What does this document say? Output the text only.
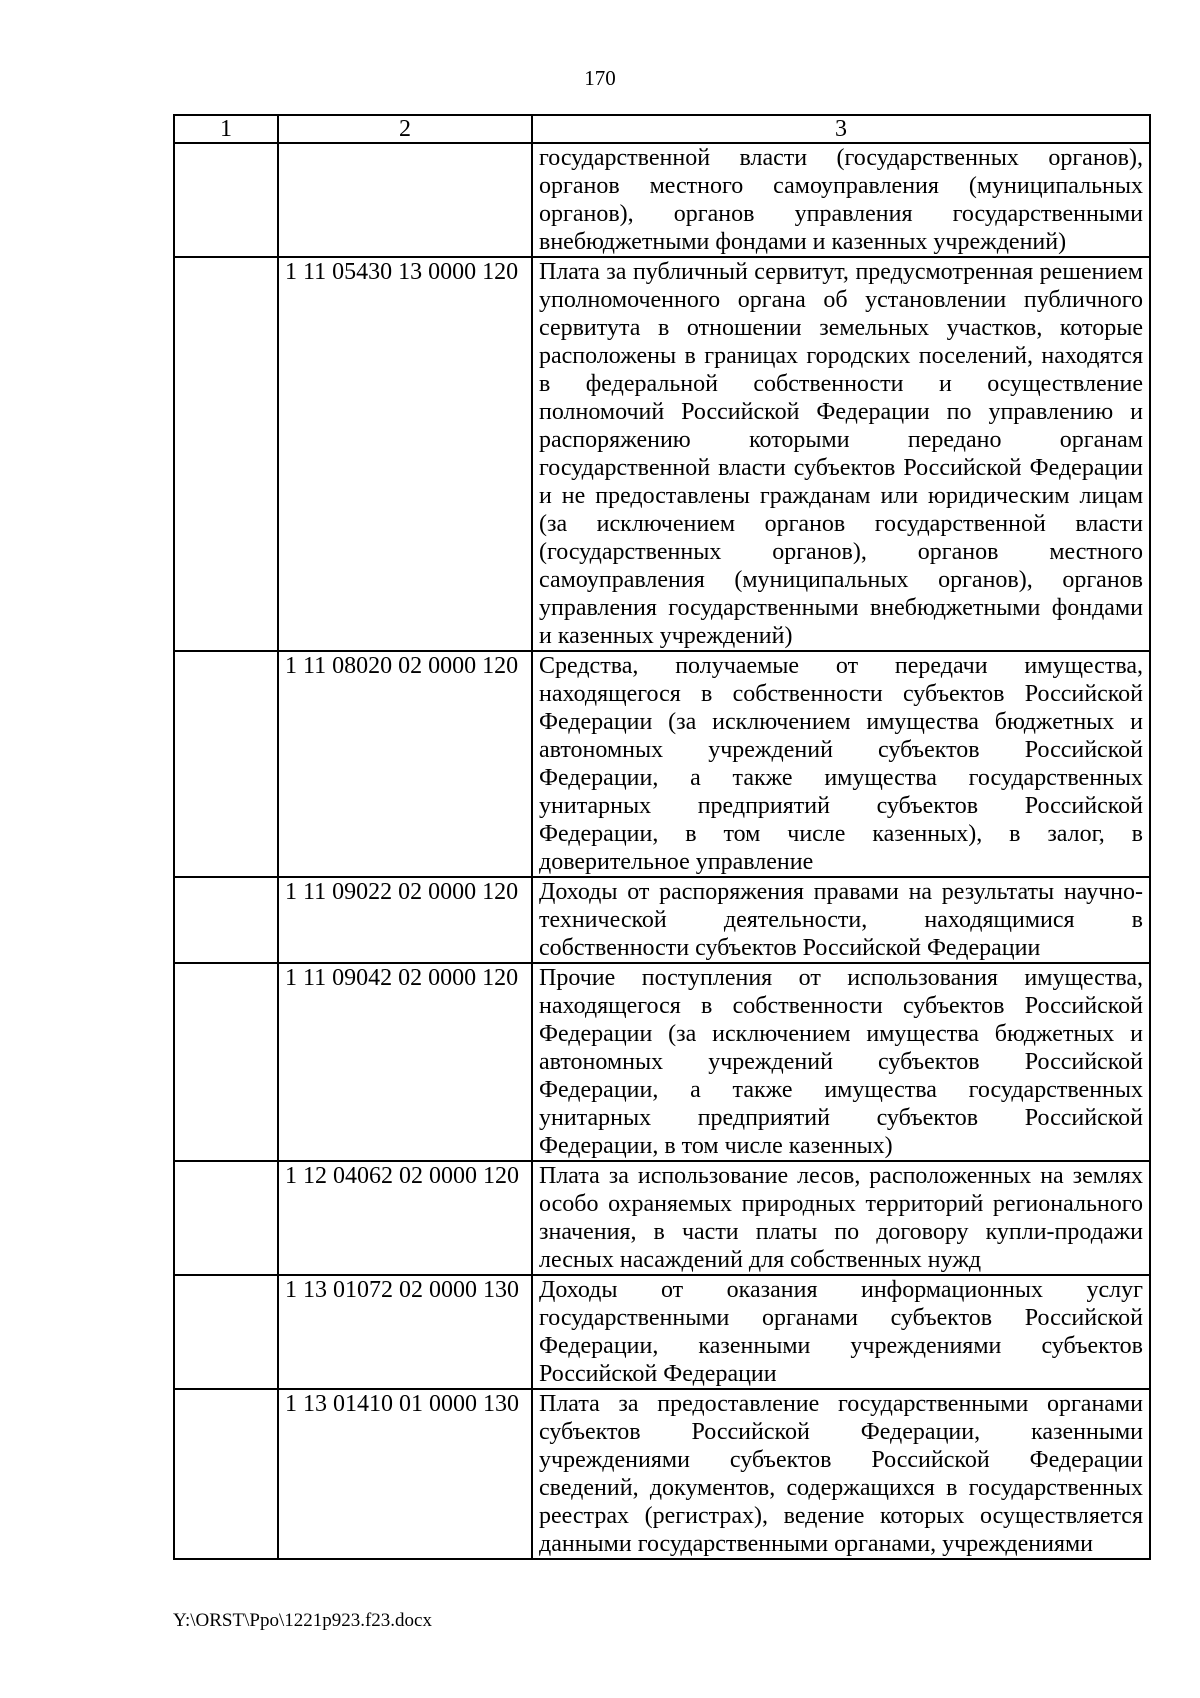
170
1	2	3
		государственной власти (государственных органов), органов местного самоуправления (муниципальных органов), органов управления государственными внебюджетными фондами и казенных учреждений)
	1 11 05430 13 0000 120	Плата за публичный сервитут, предусмотренная решением уполномоченного органа об установлении публичного сервитута в отношении земельных участков, которые расположены в границах городских поселений, находятся в федеральной собственности и осуществление полномочий Российской Федерации по управлению и распоряжению которыми передано органам государственной власти субъектов Российской Федерации и не предоставлены гражданам или юридическим лицам (за исключением органов государственной власти (государственных органов), органов местного самоуправления (муниципальных органов), органов управления государственными внебюджетными фондами и казенных учреждений)
	1 11 08020 02 0000 120	Средства, получаемые от передачи имущества, находящегося в собственности субъектов Российской Федерации (за исключением имущества бюджетных и автономных учреждений субъектов Российской Федерации, а также имущества государственных унитарных предприятий субъектов Российской Федерации, в том числе казенных), в залог, в доверительное управление
	1 11 09022 02 0000 120	Доходы от распоряжения правами на результаты научно-технической деятельности, находящимися в собственности субъектов Российской Федерации
	1 11 09042 02 0000 120	Прочие поступления от использования имущества, находящегося в собственности субъектов Российской Федерации (за исключением имущества бюджетных и автономных учреждений субъектов Российской Федерации, а также имущества государственных унитарных предприятий субъектов Российской Федерации, в том числе казенных)
	1 12 04062 02 0000 120	Плата за использование лесов, расположенных на землях особо охраняемых природных территорий регионального значения, в части платы по договору купли-продажи лесных насаждений для собственных нужд
	1 13 01072 02 0000 130	Доходы от оказания информационных услуг государственными органами субъектов Российской Федерации, казенными учреждениями субъектов Российской Федерации
	1 13 01410 01 0000 130	Плата за предоставление государственными органами субъектов Российской Федерации, казенными учреждениями субъектов Российской Федерации сведений, документов, содержащихся в государственных реестрах (регистрах), ведение которых осуществляется данными государственными органами, учреждениями
Y:\ORST\Ppo\1221p923.f23.docx
